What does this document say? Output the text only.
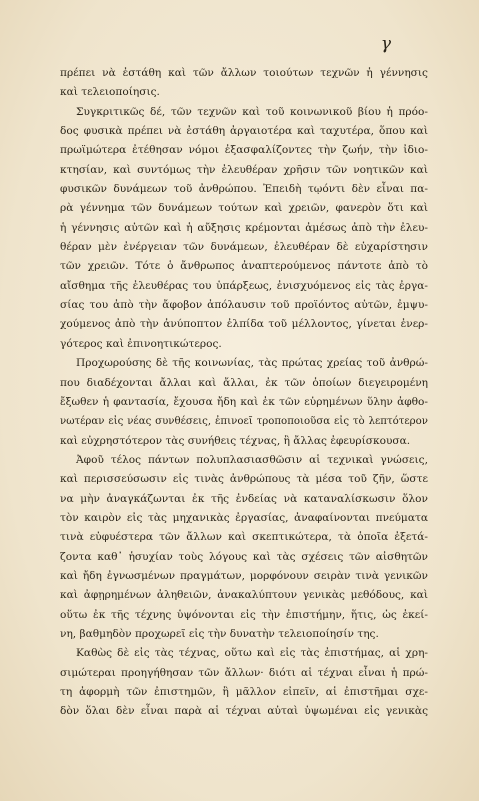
γ
πρέπει νὰ ἐστάθη καὶ τῶν ἄλλων τοιούτων τεχνῶν ἡ γέννησις
καὶ τελειοποίησις.
Συγκριτικῶς δέ, τῶν τεχνῶν καὶ τοῦ κοινωνικοῦ βίου ἡ πρόο-
δος φυσικὰ πρέπει νὰ ἐστάθη ἀργαιοτέρα καὶ ταχυτέρα, ὅπου καὶ
πρωϊμώτερα ἐτέθησαν νόμοι ἐξασφαλίζοντες τὴν ζωήν, τὴν ἰδιο-
κτησίαν, καὶ συντόμως τὴν ἐλευθέραν χρῆσιν τῶν νοητικῶν καὶ
φυσικῶν δυνάμεων τοῦ ἀνθρώπου. Ἐπειδὴ τῳόντι δὲν εἶναι πα-
ρὰ γέννημα τῶν δυνάμεων τούτων καὶ χρειῶν, φανερὸν ὅτι καὶ
ἡ γέννησις αὐτῶν καὶ ἡ αὔξησις κρέμονται ἀμέσως ἀπὸ τὴν ἐλευ-
θέραν μὲν ἐνέργειαν τῶν δυνάμεων, ἐλευθέραν δὲ εὐχαρίστησιν
τῶν χρειῶν. Τότε ὁ ἄνθρωπος ἀναπτερούμενος πάντοτε ἀπὸ τὸ
αἴσθημα τῆς ἐλευθέρας του ὑπάρξεως, ἐνισχυόμενος εἰς τὰς ἐργα-
σίας του ἀπὸ τὴν ἄφοβον ἀπόλαυσιν τοῦ προϊόντος αὐτῶν, ἐμψυ-
χούμενος ἀπὸ τὴν ἀνύποπτον ἐλπίδα τοῦ μέλλοντος, γίνεται ἐνερ-
γότερος καὶ ἐπινοητικώτερος.
Προχωρούσης δὲ τῆς κοινωνίας, τὰς πρώτας χρείας τοῦ ἀνθρώ-
που διαδέχονται ἄλλαι καὶ ἄλλαι, ἐκ τῶν ὁποίων διεγειρομένη
ἔξωθεν ἡ φαντασία, ἔχουσα ἤδη καὶ ἐκ τῶν εὑρημένων ὕλην ἀφθο-
νωτέραν εἰς νέας συνθέσεις, ἐπινοεῖ τροποποιοῦσα εἰς τὸ λεπτότερον
καὶ εὐχρηστότερον τὰς συνήθεις τέχνας, ἢ ἄλλας ἐφευρίσκουσα.
Ἀφοῦ τέλος πάντων πολυπλασιασθῶσιν αἱ τεχνικαὶ γνώσεις,
καὶ περισσεύσωσιν εἰς τινὰς ἀνθρώπους τὰ μέσα τοῦ ζῆν, ὥστε
να μὴν ἀναγκάζωνται ἐκ τῆς ἐνδείας νὰ καταναλίσκωσιν ὅλον
τὸν καιρὸν εἰς τὰς μηχανικὰς ἐργασίας, ἀναφαίνονται πνεύματα
τινὰ εὐφυέστερα τῶν ἄλλων καὶ σκεπτικώτερα, τὰ ὁποῖα ἐξετά-
ζοντα καθ᾽ ἡσυχίαν τοὺς λόγους καὶ τὰς σχέσεις τῶν αἰσθητῶν
καὶ ἤδη ἐγνωσμένων πραγμάτων, μορφόνουν σειρὰν τινὰ γενικῶν
καὶ ἀφῃρημένων ἀληθειῶν, ἀνακαλύπτουν γενικὰς μεθόδους, καὶ
οὕτω ἐκ τῆς τέχνης ὑψόνονται εἰς τὴν ἐπιστήμην, ἥτις, ὡς ἐκεί-
νη, βαθμηδὸν προχωρεῖ εἰς τὴν δυνατὴν τελειοποίησίν της.
Καθὼς δὲ εἰς τὰς τέχνας, οὕτω καὶ εἰς τὰς ἐπιστήμας, αἱ χρη-
σιμώτεραι προηγήθησαν τῶν ἄλλων· διότι αἱ τέχναι εἶναι ἡ πρώ-
τη ἀφορμὴ τῶν ἐπιστημῶν, ἢ μᾶλλον εἰπεῖν, αἱ ἐπιστῆμαι σχε-
δὸν ὅλαι δὲν εἶναι παρὰ αἱ τέχναι αὐταὶ ὑψωμέναι εἰς γενικὰς
